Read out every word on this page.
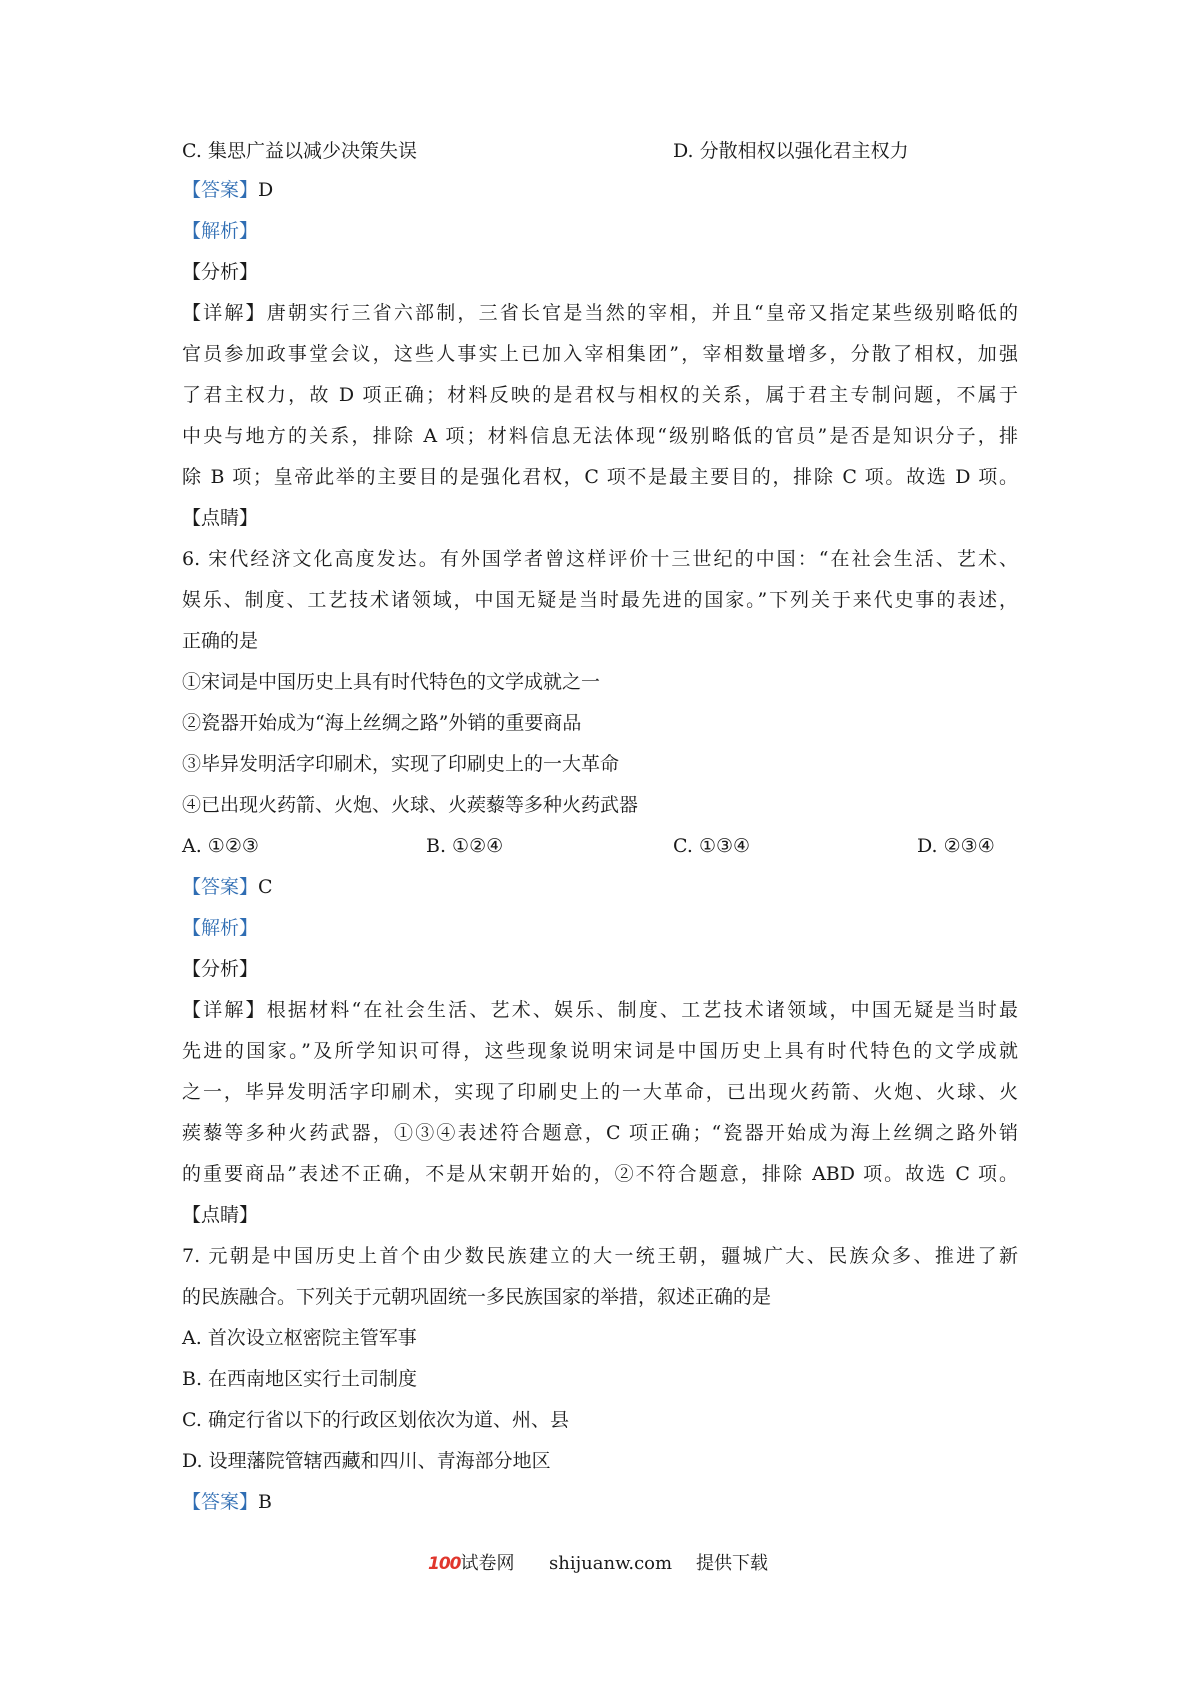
C. 集思广益以减少决策失误	D. 分散相权以强化君主权力
【答案】D
【解析】
【分析】
【详解】唐朝实行三省六部制，三省长官是当然的宰相，并且“皇帝又指定某些级别略低的
官员参加政事堂会议，这些人事实上已加入宰相集团”，宰相数量增多，分散了相权，加强
了君主权力，故 D 项正确；材料反映的是君权与相权的关系，属于君主专制问题，不属于
中央与地方的关系，排除 A 项；材料信息无法体现“级别略低的官员”是否是知识分子，排
除 B 项；皇帝此举的主要目的是强化君权，C 项不是最主要目的，排除 C 项。故选 D 项。
【点睛】
6. 宋代经济文化高度发达。有外国学者曾这样评价十三世纪的中国：“在社会生活、艺术、
娱乐、制度、工艺技术诸领域，中国无疑是当时最先进的国家。”下列关于来代史事的表述，
正确的是
①宋词是中国历史上具有时代特色的文学成就之一
②瓷器开始成为“海上丝绸之路”外销的重要商品
③毕异发明活字印刷术，实现了印刷史上的一大革命
④已出现火药箭、火炮、火球、火蒺藜等多种火药武器
A. ①②③	B. ①②④	C. ①③④	D. ②③④
【答案】C
【解析】
【分析】
【详解】根据材料“在社会生活、艺术、娱乐、制度、工艺技术诸领域，中国无疑是当时最
先进的国家。”及所学知识可得，这些现象说明宋词是中国历史上具有时代特色的文学成就
之一，毕异发明活字印刷术，实现了印刷史上的一大革命，已出现火药箭、火炮、火球、火
蒺藜等多种火药武器，①③④表述符合题意，C 项正确；“瓷器开始成为海上丝绸之路外销
的重要商品”表述不正确，不是从宋朝开始的，②不符合题意，排除 ABD 项。故选 C 项。
【点睛】
7. 元朝是中国历史上首个由少数民族建立的大一统王朝，疆城广大、民族众多、推进了新
的民族融合。下列关于元朝巩固统一多民族国家的举措，叙述正确的是
A. 首次设立枢密院主管军事
B. 在西南地区实行土司制度
C. 确定行省以下的行政区划依次为道、州、县
D. 设理藩院管辖西藏和四川、青海部分地区
【答案】B
100试卷网 shijuanw.com 提供下载
